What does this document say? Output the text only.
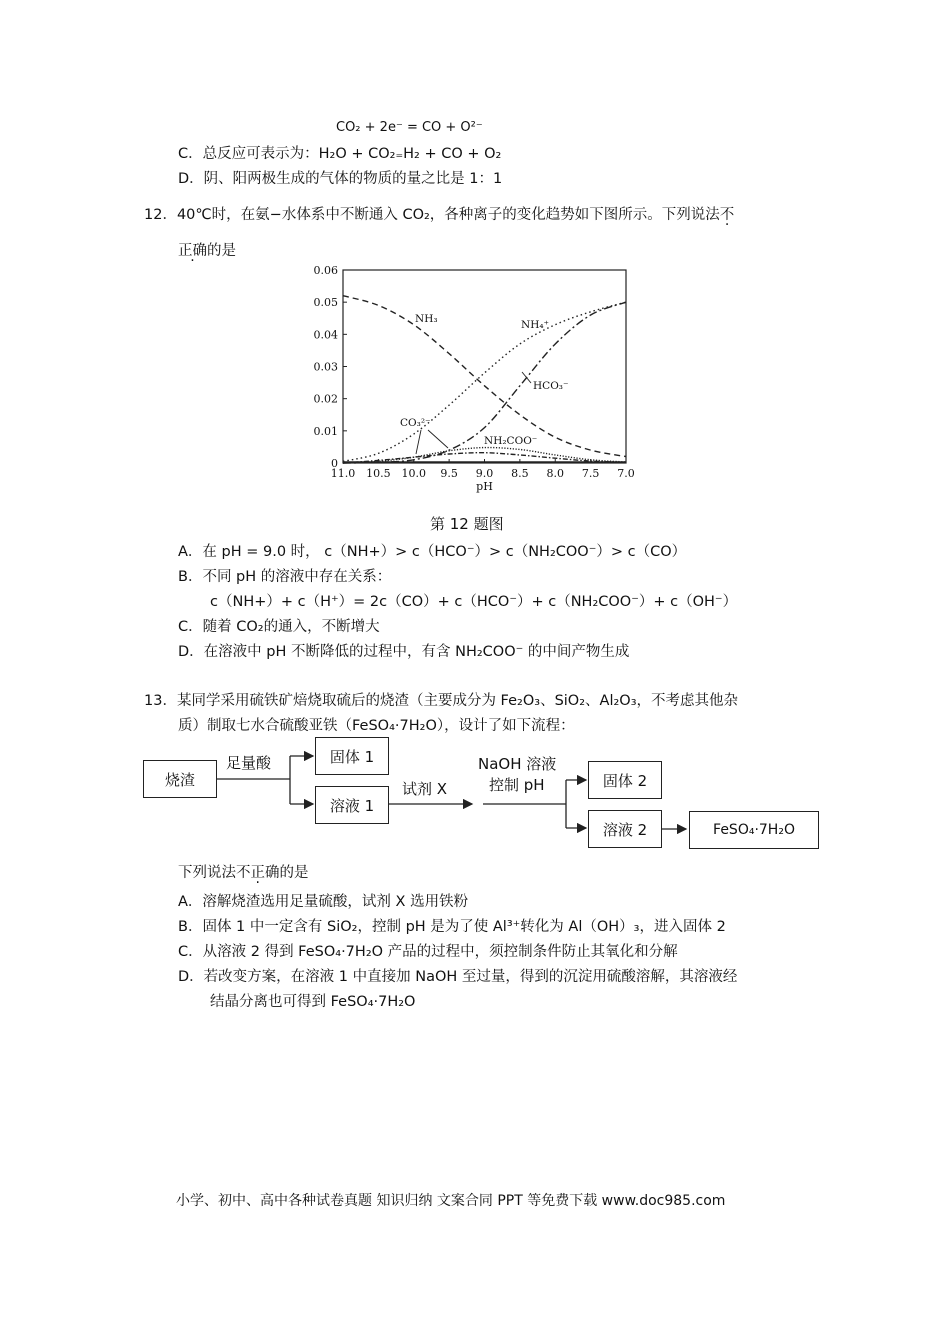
CO₂ + 2e⁻ = CO + O²⁻
C．总反应可表示为：H₂O + CO₂₌H₂ + CO + O₂
D．阴、阳两极生成的气体的物质的量之比是 1：1
12．40℃时，在氨−水体系中不断通入 CO₂，各种离子的变化趋势如下图所示。下列说法不
正确的是
0
0.01
0.02
0.03
0.04
0.05
0.06
11.0 10.5 10.0 9.5 9.0 8.5 8.0 7.5 7.0
pH
NH₃	NH₄⁺
HCO₃⁻
CO₃²⁻
NH₂COO⁻
第 12 题图
A．在 pH = 9.0 时， c（NH+）> c（HCO⁻）> c（NH₂COO⁻）> c（CO）
B．不同 pH 的溶液中存在关系：
c（NH+）+ c（H⁺）= 2c（CO）+ c（HCO⁻）+ c（NH₂COO⁻）+ c（OH⁻）
C．随着 CO₂的通入，不断增大
D．在溶液中 pH 不断降低的过程中，有含 NH₂COO⁻ 的中间产物生成
13．某同学采用硫铁矿焙烧取硫后的烧渣（主要成分为 Fe₂O₃、SiO₂、Al₂O₃，不考虑其他杂
质）制取七水合硫酸亚铁（FeSO₄·7H₂O），设计了如下流程：
烧渣
足量酸	固体 1
溶液 1
试剂 X
NaOH 溶液
控制 pH	固体 2
溶液 2	FeSO₄·7H₂O
下列说法不正确的是
A．溶解烧渣选用足量硫酸，试剂 X 选用铁粉
B．固体 1 中一定含有 SiO₂，控制 pH 是为了使 Al³⁺转化为 Al（OH）₃，进入固体 2
C．从溶液 2 得到 FeSO₄·7H₂O 产品的过程中，须控制条件防止其氧化和分解
D．若改变方案，在溶液 1 中直接加 NaOH 至过量，得到的沉淀用硫酸溶解，其溶液经
结晶分离也可得到 FeSO₄·7H₂O
小学、初中、高中各种试卷真题 知识归纳 文案合同 PPT 等免费下载 www.doc985.com
